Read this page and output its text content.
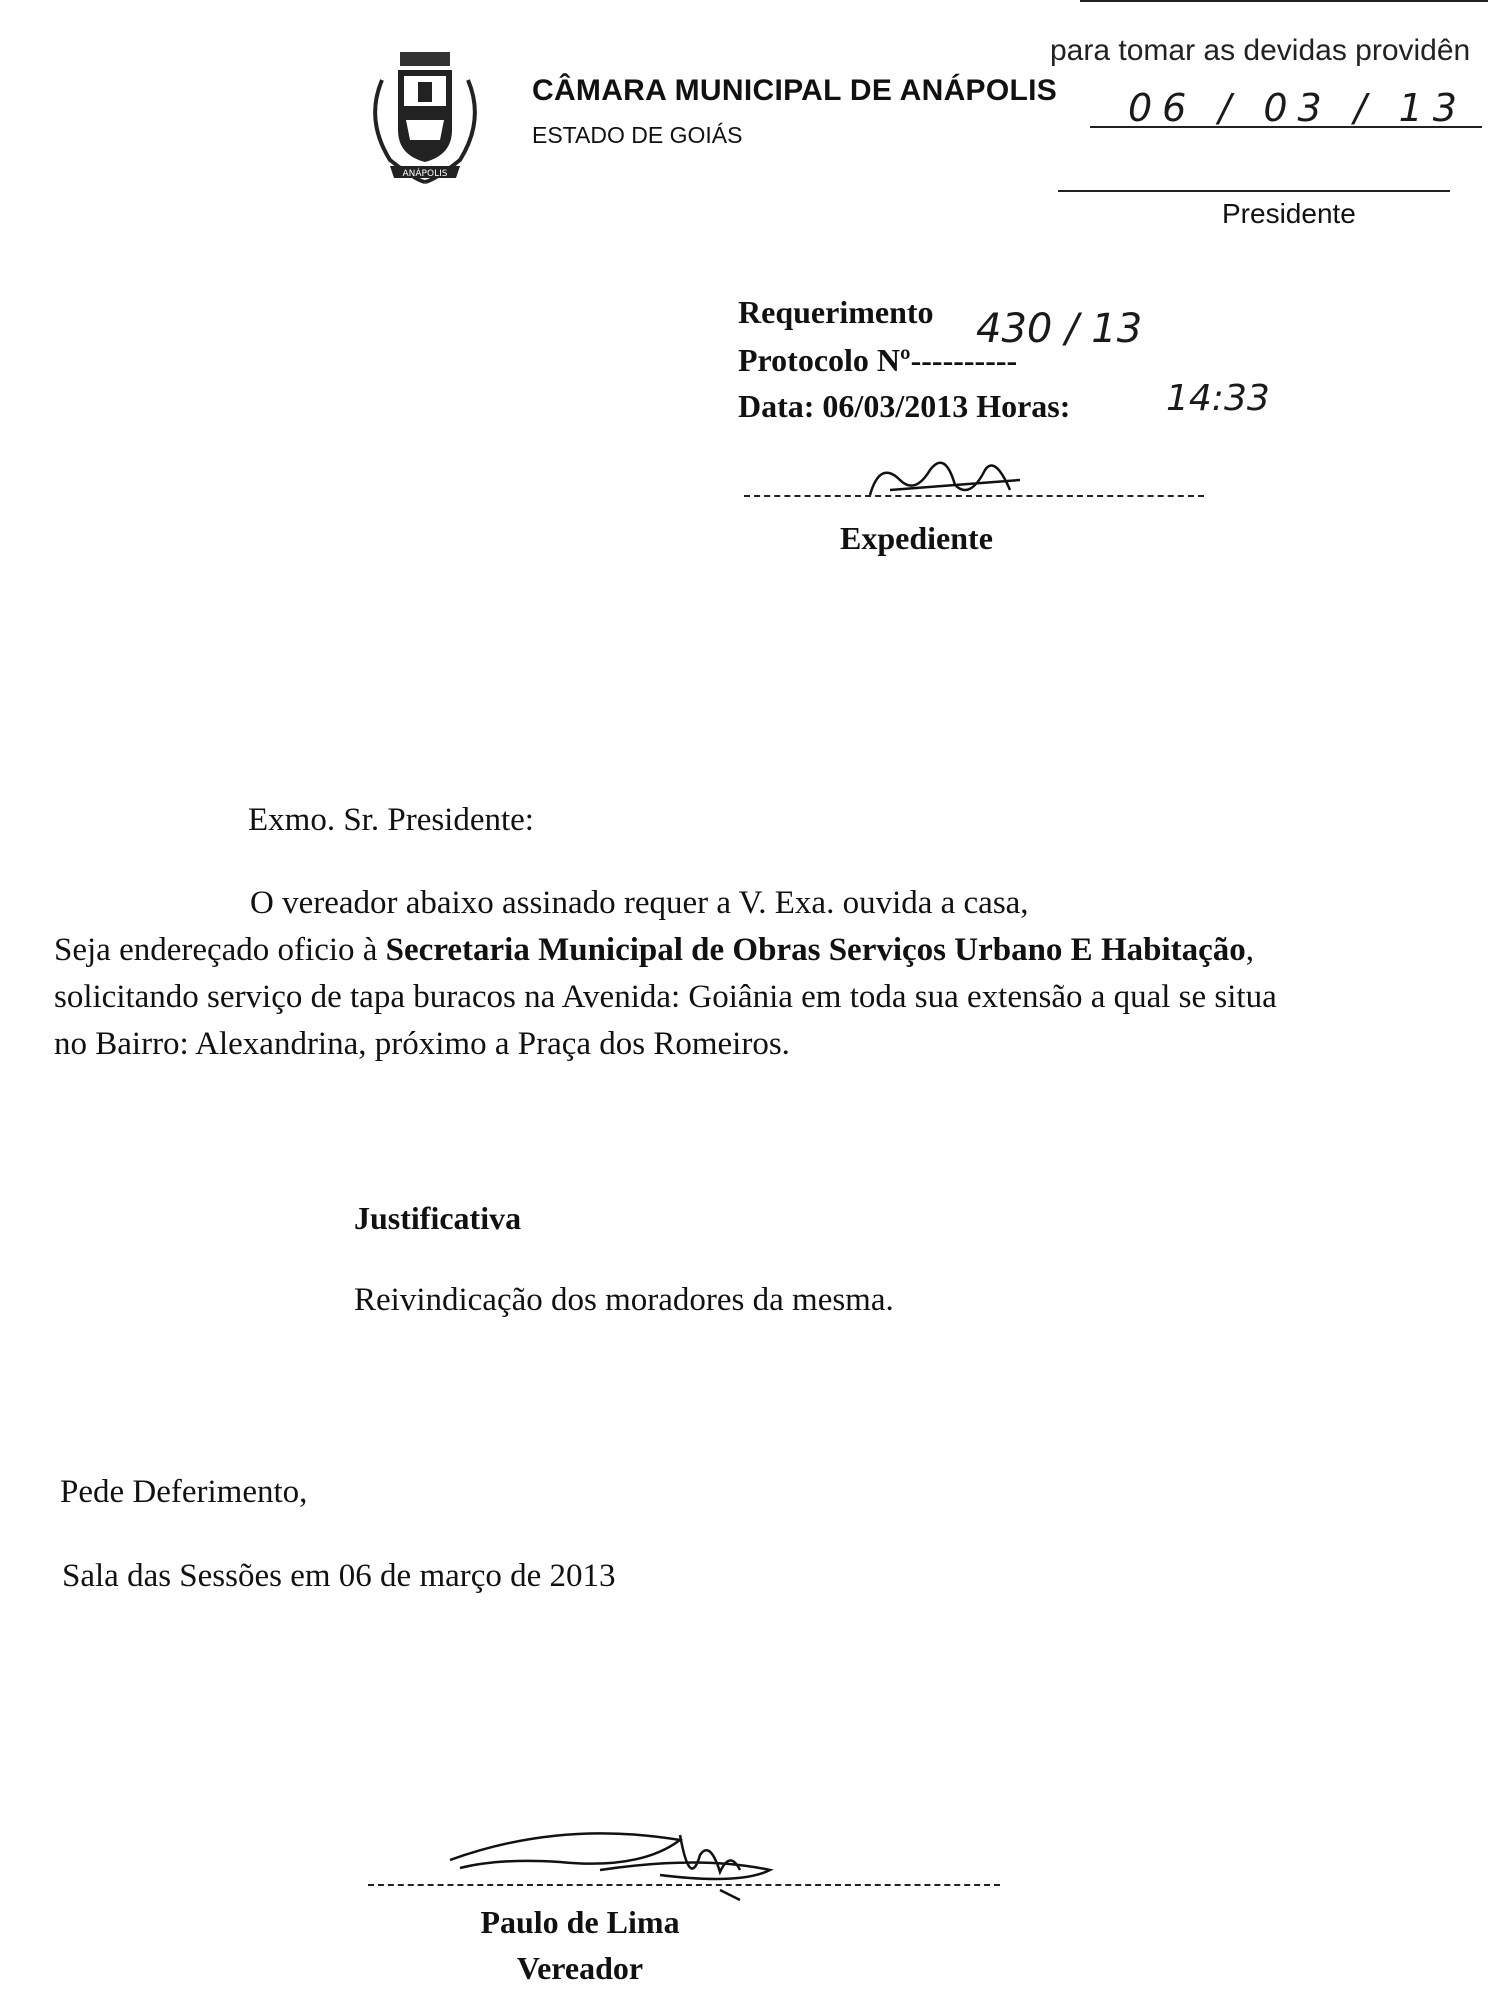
ANÁPOLIS
CÂMARA MUNICIPAL DE ANÁPOLIS
ESTADO DE GOIÁS
para tomar as devidas providên
06 / 03 / 13
Presidente
Requerimento 430 / 13
Protocolo Nº----------
Data: 06/03/2013 Horas:	14:33
Expediente
Exmo. Sr. Presidente:
O vereador abaixo assinado requer a V. Exa. ouvida a casa,
Seja endereçado oficio à Secretaria Municipal de Obras Serviços Urbano E Habitação, solicitando serviço de tapa buracos na Avenida: Goiânia em toda sua extensão a qual se situa no Bairro: Alexandrina, próximo a Praça dos Romeiros.
Justificativa
Reivindicação dos moradores da mesma.
Pede Deferimento,
Sala das Sessões em 06 de março de 2013
Paulo de Lima
Vereador
